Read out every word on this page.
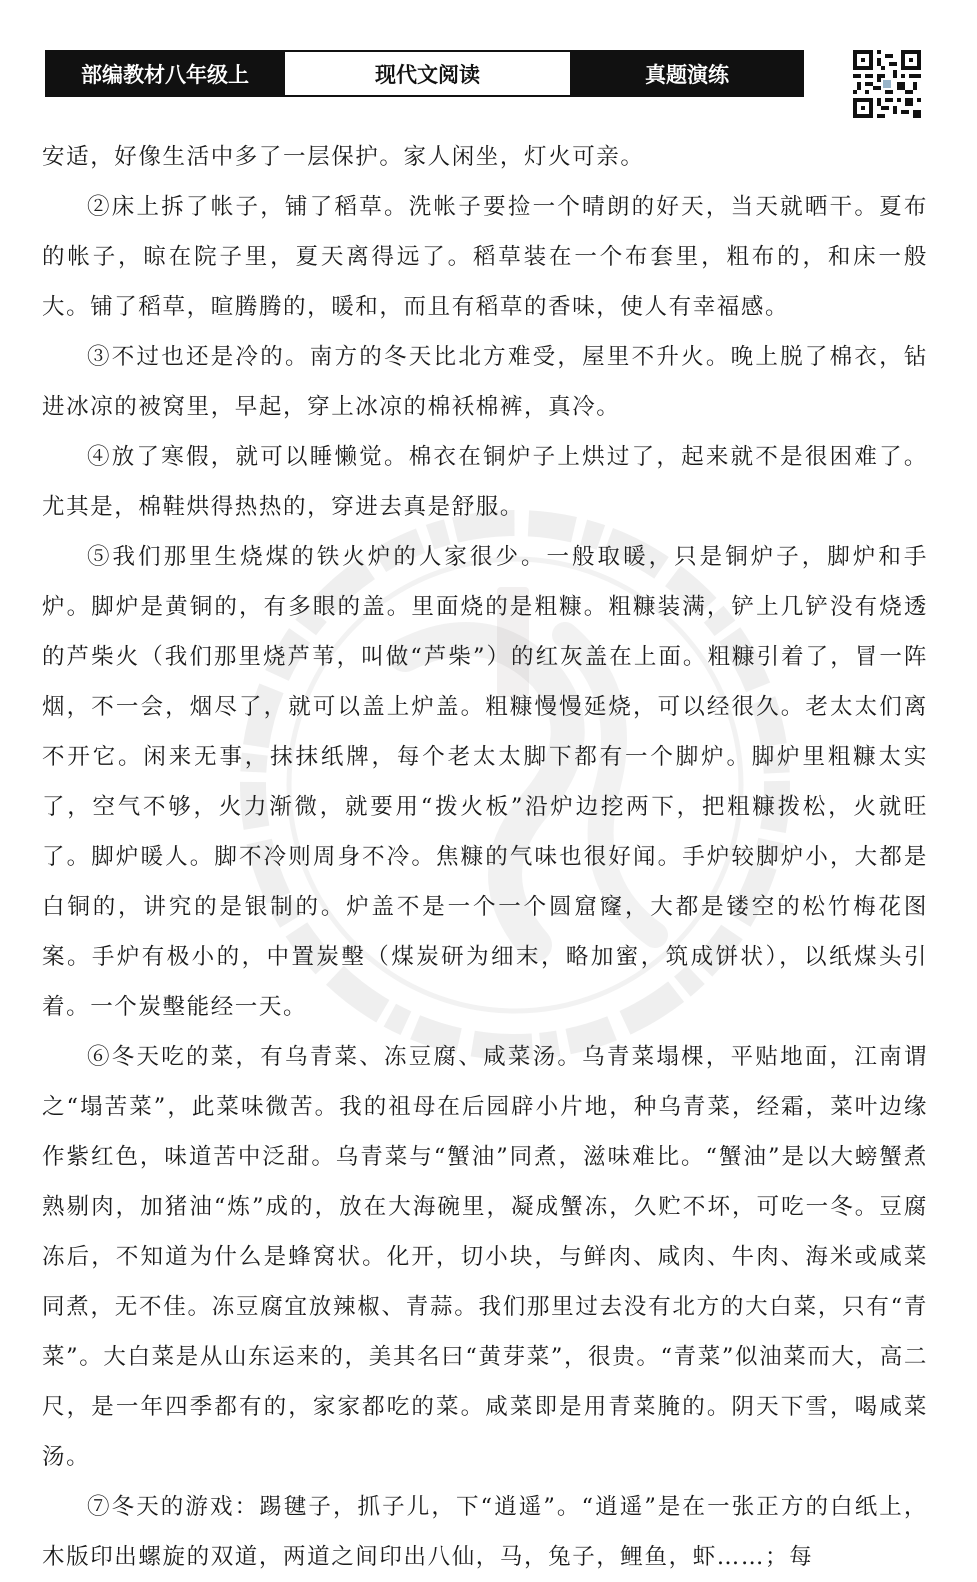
部编教材八年级上	现代文阅读	真题演练

安适，好像生活中多了一层保护。家人闲坐，灯火可亲。

②床上拆了帐子，铺了稻草。洗帐子要捡一个晴朗的好天，当天就晒干。夏布的帐子，晾在院子里，夏天离得远了。稻草装在一个布套里，粗布的，和床一般大。铺了稻草，暄腾腾的，暖和，而且有稻草的香味，使人有幸福感。

③不过也还是冷的。南方的冬天比北方难受，屋里不升火。晚上脱了棉衣，钻进冰凉的被窝里，早起，穿上冰凉的棉袄棉裤，真冷。

④放了寒假，就可以睡懒觉。棉衣在铜炉子上烘过了，起来就不是很困难了。尤其是，棉鞋烘得热热的，穿进去真是舒服。

⑤我们那里生烧煤的铁火炉的人家很少。一般取暖，只是铜炉子，脚炉和手炉。脚炉是黄铜的，有多眼的盖。里面烧的是粗糠。粗糠装满，铲上几铲没有烧透的芦柴火（我们那里烧芦苇，叫做“芦柴”）的红灰盖在上面。粗糠引着了，冒一阵烟，不一会，烟尽了，就可以盖上炉盖。粗糠慢慢延烧，可以经很久。老太太们离不开它。闲来无事，抹抹纸牌，每个老太太脚下都有一个脚炉。脚炉里粗糠太实了，空气不够，火力渐微，就要用“拨火板”沿炉边挖两下，把粗糠拨松，火就旺了。脚炉暖人。脚不冷则周身不冷。焦糠的气味也很好闻。手炉较脚炉小，大都是白铜的，讲究的是银制的。炉盖不是一个一个圆窟窿，大都是镂空的松竹梅花图案。手炉有极小的，中置炭墼（煤炭研为细末，略加蜜，筑成饼状），以纸煤头引着。一个炭墼能经一天。

⑥冬天吃的菜，有乌青菜、冻豆腐、咸菜汤。乌青菜塌棵，平贴地面，江南谓之“塌苦菜”，此菜味微苦。我的祖母在后园辟小片地，种乌青菜，经霜，菜叶边缘作紫红色，味道苦中泛甜。乌青菜与“蟹油”同煮，滋味难比。“蟹油”是以大螃蟹煮熟剔肉，加猪油“炼”成的，放在大海碗里，凝成蟹冻，久贮不坏，可吃一冬。豆腐冻后，不知道为什么是蜂窝状。化开，切小块，与鲜肉、咸肉、牛肉、海米或咸菜同煮，无不佳。冻豆腐宜放辣椒、青蒜。我们那里过去没有北方的大白菜，只有“青菜”。大白菜是从山东运来的，美其名曰“黄芽菜”，很贵。“青菜”似油菜而大，高二尺，是一年四季都有的，家家都吃的菜。咸菜即是用青菜腌的。阴天下雪，喝咸菜汤。

⑦冬天的游戏：踢毽子，抓子儿，下“逍遥”。“逍遥”是在一张正方的白纸上，木版印出螺旋的双道，两道之间印出八仙，马，兔子，鲤鱼，虾……；每
